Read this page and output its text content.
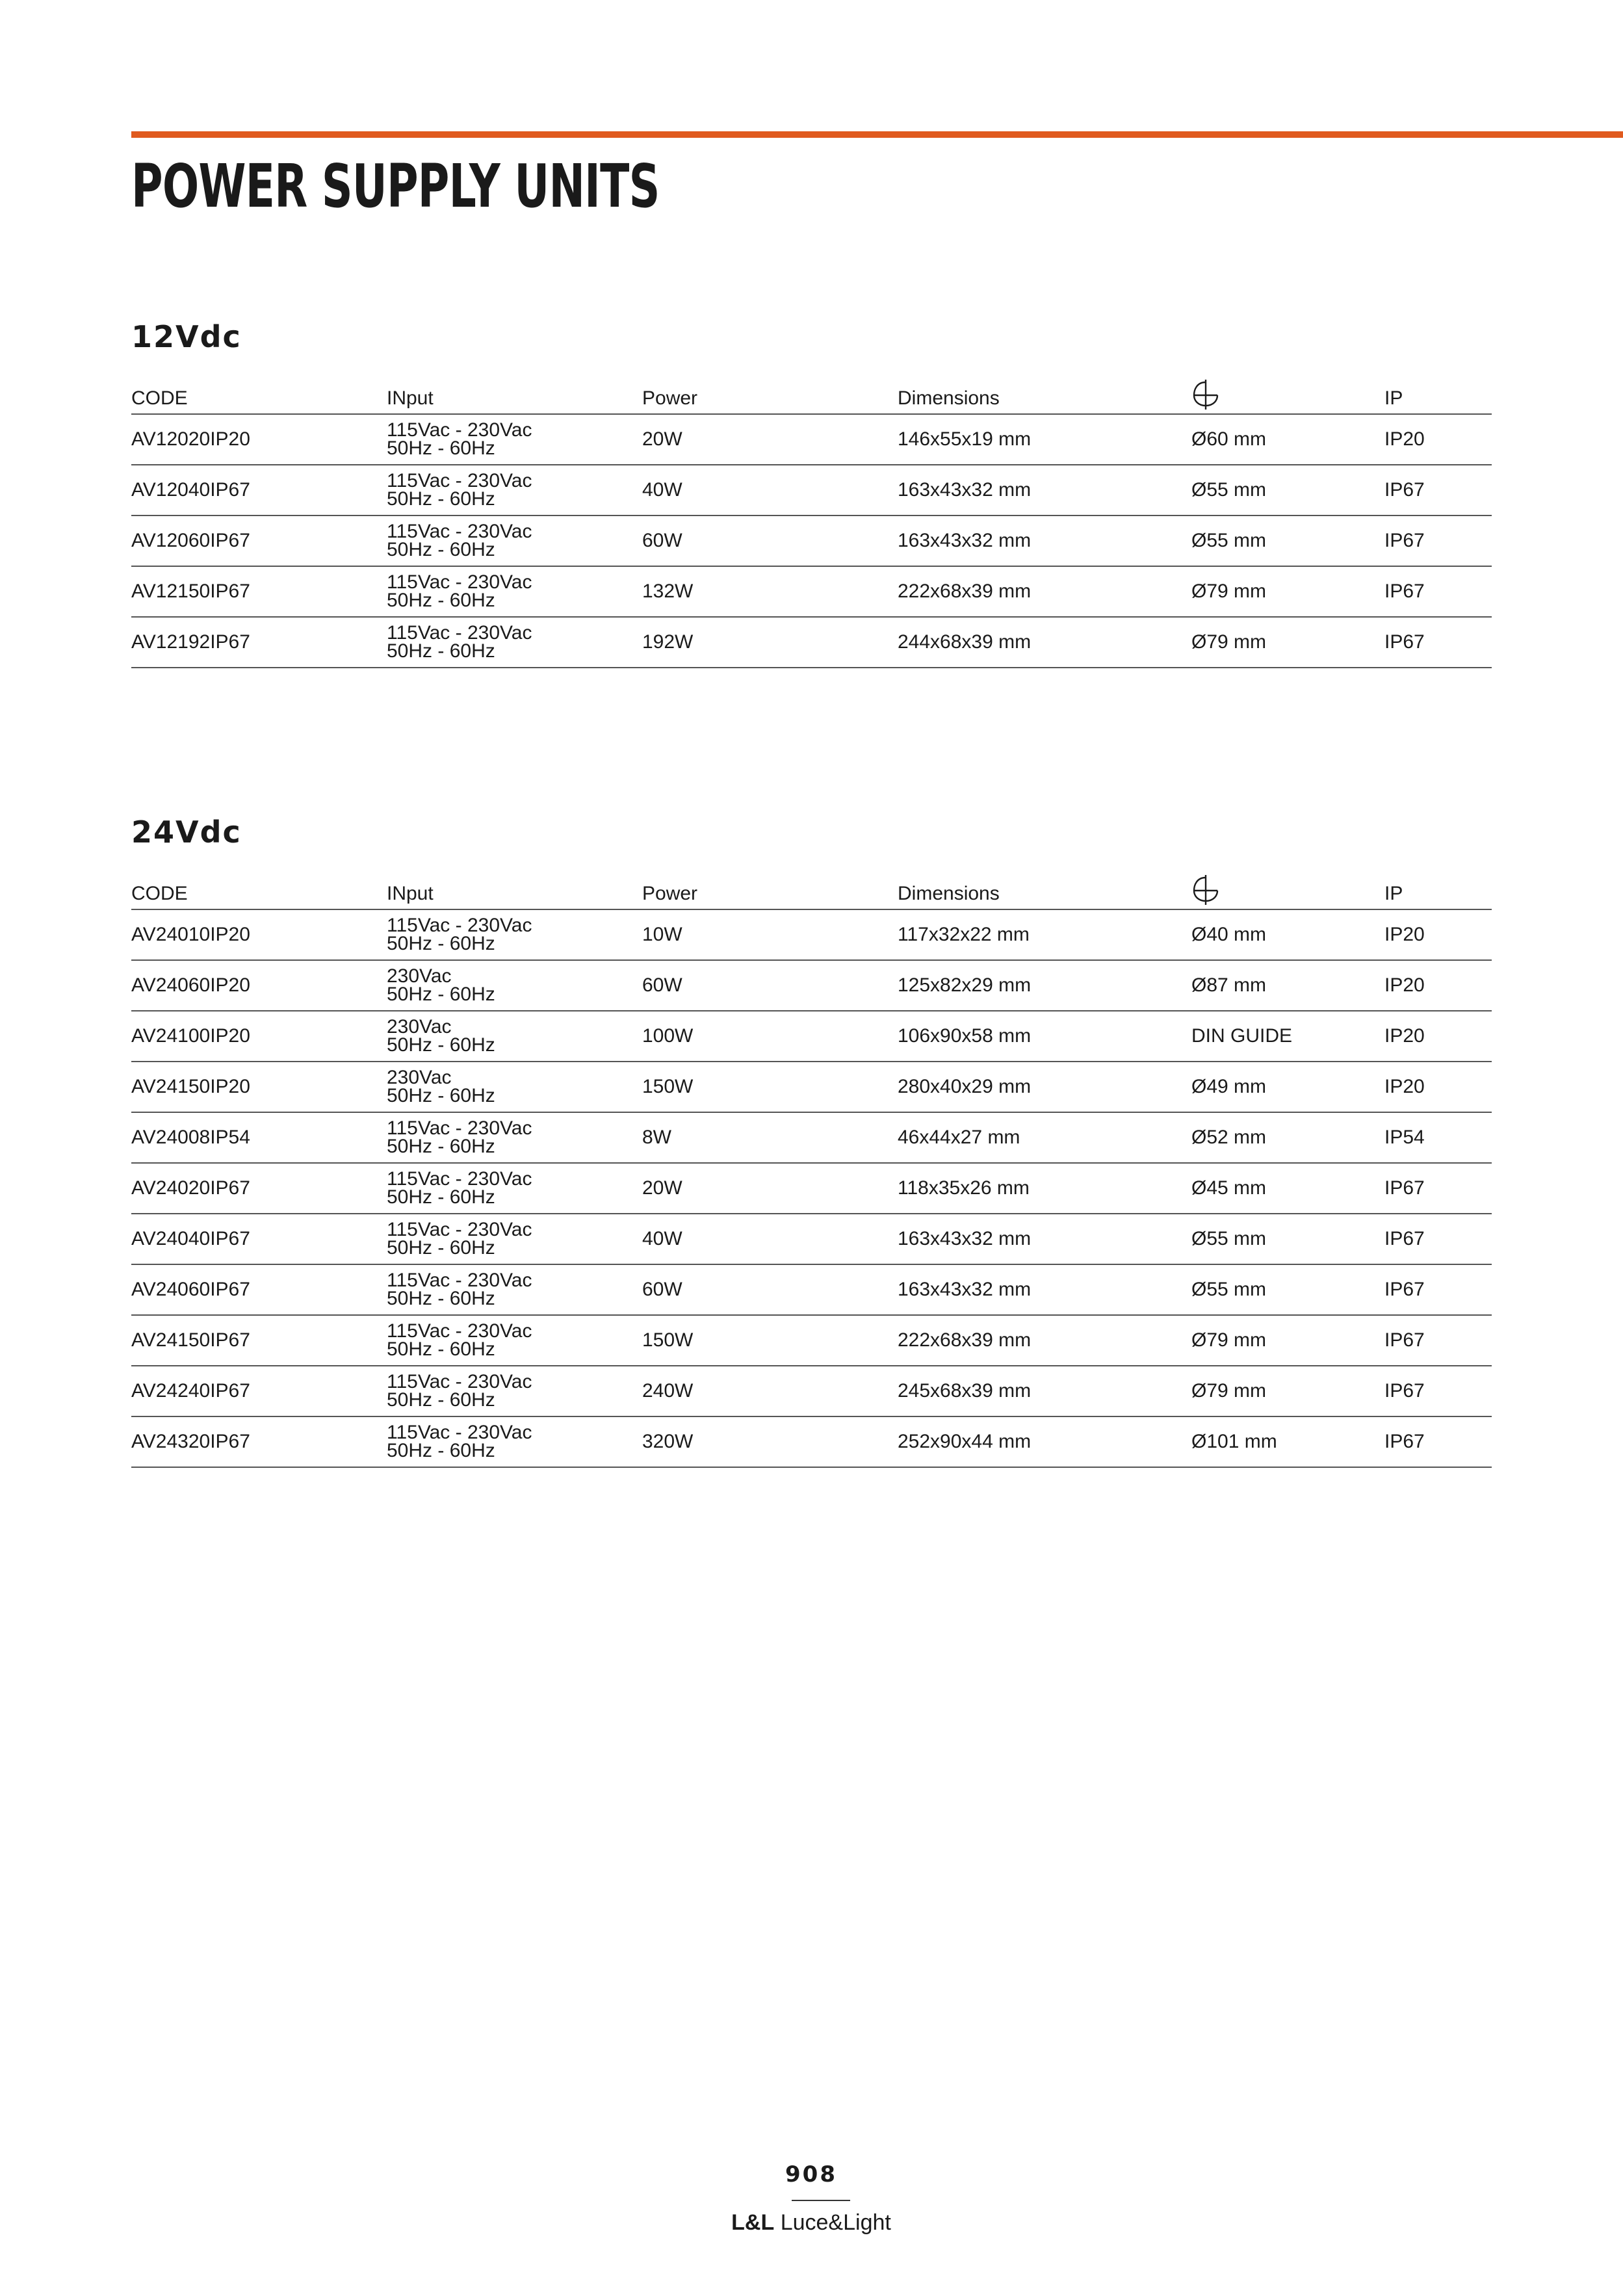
POWER SUPPLY UNITS
12Vdc
CODE	INput	Power	Dimensions		IP
AV12020IP20	115Vac - 230Vac
50Hz - 60Hz	20W	146x55x19 mm	Ø60 mm	IP20
AV12040IP67	115Vac - 230Vac
50Hz - 60Hz	40W	163x43x32 mm	Ø55 mm	IP67
AV12060IP67	115Vac - 230Vac
50Hz - 60Hz	60W	163x43x32 mm	Ø55 mm	IP67
AV12150IP67	115Vac - 230Vac
50Hz - 60Hz	132W	222x68x39 mm	Ø79 mm	IP67
AV12192IP67	115Vac - 230Vac
50Hz - 60Hz	192W	244x68x39 mm	Ø79 mm	IP67
24Vdc
CODE	INput	Power	Dimensions		IP
AV24010IP20	115Vac - 230Vac
50Hz - 60Hz	10W	117x32x22 mm	Ø40 mm	IP20
AV24060IP20	230Vac
50Hz - 60Hz	60W	125x82x29 mm	Ø87 mm	IP20
AV24100IP20	230Vac
50Hz - 60Hz	100W	106x90x58 mm	DIN GUIDE	IP20
AV24150IP20	230Vac
50Hz - 60Hz	150W	280x40x29 mm	Ø49 mm	IP20
AV24008IP54	115Vac - 230Vac
50Hz - 60Hz	8W	46x44x27 mm	Ø52 mm	IP54
AV24020IP67	115Vac - 230Vac
50Hz - 60Hz	20W	118x35x26 mm	Ø45 mm	IP67
AV24040IP67	115Vac - 230Vac
50Hz - 60Hz	40W	163x43x32 mm	Ø55 mm	IP67
AV24060IP67	115Vac - 230Vac
50Hz - 60Hz	60W	163x43x32 mm	Ø55 mm	IP67
AV24150IP67	115Vac - 230Vac
50Hz - 60Hz	150W	222x68x39 mm	Ø79 mm	IP67
AV24240IP67	115Vac - 230Vac
50Hz - 60Hz	240W	245x68x39 mm	Ø79 mm	IP67
AV24320IP67	115Vac - 230Vac
50Hz - 60Hz	320W	252x90x44 mm	Ø101 mm	IP67
908
L&L Luce&Light
